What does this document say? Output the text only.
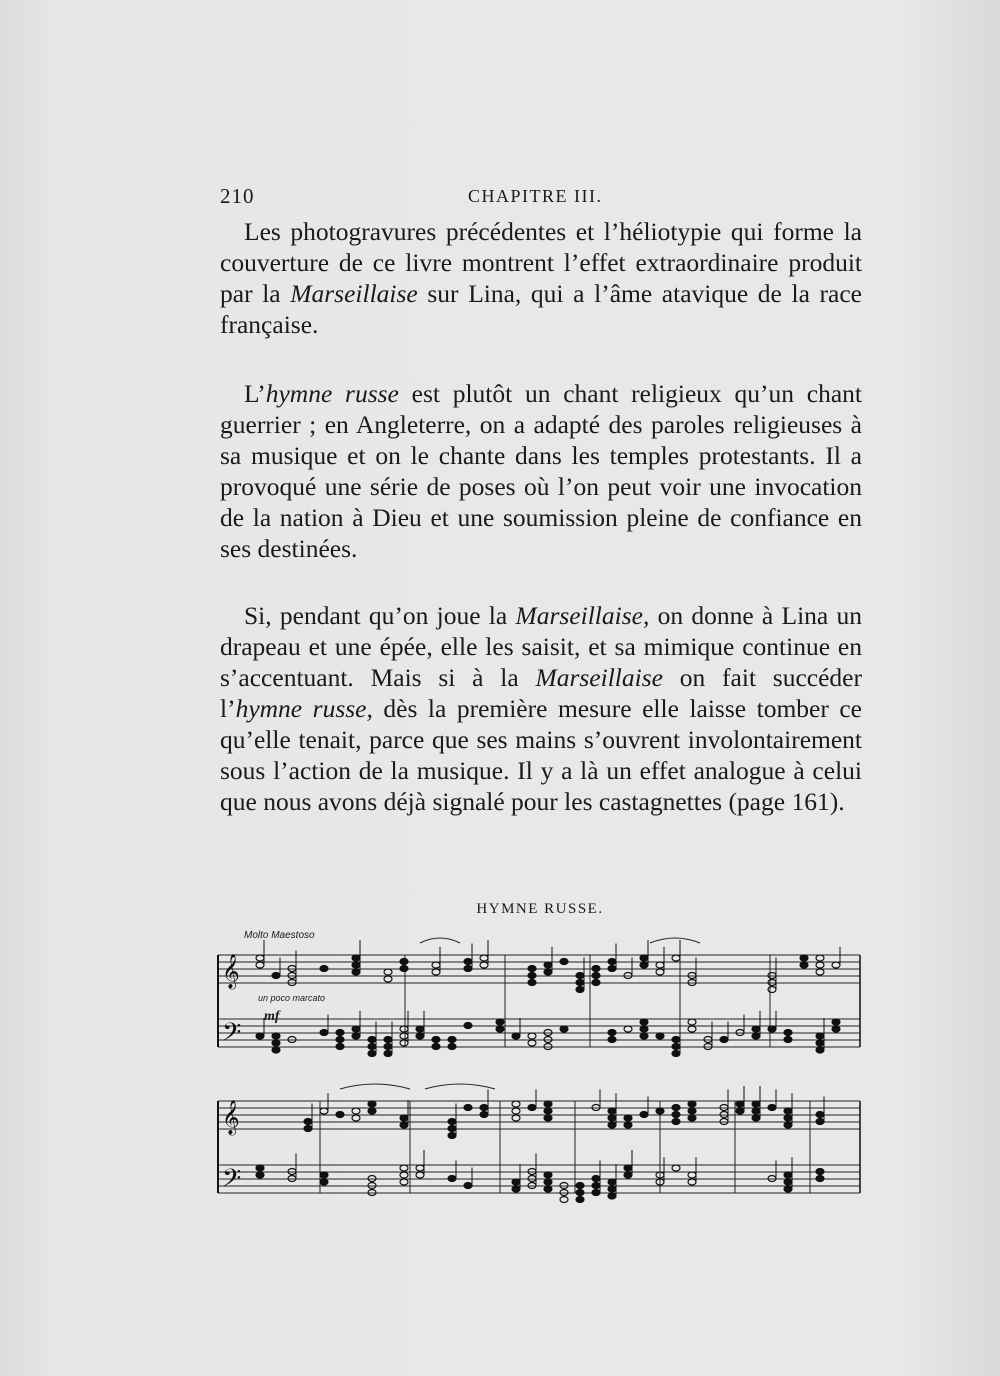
210	CHAPITRE III.

Les photogravures précédentes et l’héliotypie qui forme la couverture de ce livre montrent l’effet extraordinaire produit par la Marseillaise sur Lina, qui a l’âme atavique de la race française.

L’hymne russe est plutôt un chant religieux qu’un chant guerrier ; en Angleterre, on a adapté des paroles religieuses à sa musique et on le chante dans les temples protestants. Il a provoqué une série de poses où l’on peut voir une invocation de la nation à Dieu et une soumission pleine de confiance en ses destinées.

Si, pendant qu’on joue la Marseillaise, on donne à Lina un drapeau et une épée, elle les saisit, et sa mimique continue en s’accentuant. Mais si à la Marseillaise on fait succéder l’hymne russe, dès la première mesure elle laisse tomber ce qu’elle tenait, parce que ses mains s’ouvrent involontairement sous l’action de la musique. Il y a là un effet analogue à celui que nous avons déjà signalé pour les castagnettes (page 161).

HYMNE RUSSE.
Molto Maestoso
un poco marcato
mf
𝄞
𝄢
𝄞
𝄢
